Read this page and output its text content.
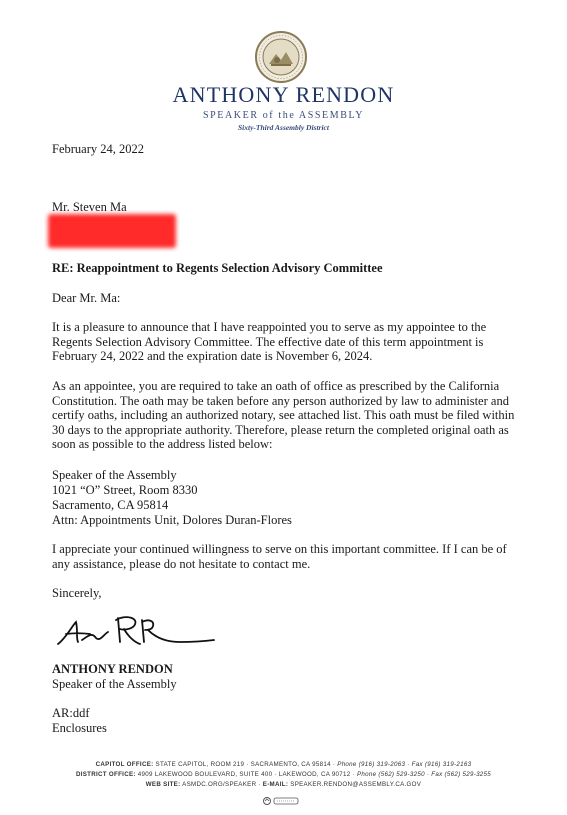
ANTHONY RENDON
SPEAKER of the ASSEMBLY
Sixty-Third Assembly District
February 24, 2022
Mr. Steven Ma
RE: Reappointment to Regents Selection Advisory Committee
Dear Mr. Ma:
It is a pleasure to announce that I have reappointed you to serve as my appointee to the Regents Selection Advisory Committee. The effective date of this term appointment is February 24, 2022 and the expiration date is November 6, 2024.
As an appointee, you are required to take an oath of office as prescribed by the California Constitution. The oath may be taken before any person authorized by law to administer and certify oaths, including an authorized notary, see attached list. This oath must be filed within 30 days to the appropriate authority. Therefore, please return the completed original oath as soon as possible to the address listed below:
Speaker of the Assembly
1021 “O” Street, Room 8330
Sacramento, CA 95814
Attn: Appointments Unit, Dolores Duran-Flores
I appreciate your continued willingness to serve on this important committee. If I can be of any assistance, please do not hesitate to contact me.
Sincerely,
ANTHONY RENDON
Speaker of the Assembly
AR:ddf
Enclosures
CAPITOL OFFICE: STATE CAPITOL, ROOM 219 · SACRAMENTO, CA 95814 · Phone (916) 319-2063 · Fax (916) 319-2163
DISTRICT OFFICE: 4909 LAKEWOOD BOULEVARD, SUITE 400 · LAKEWOOD, CA 90712 · Phone (562) 529-3250 · Fax (562) 529-3255
WEB SITE: ASMDC.ORG/SPEAKER · E-MAIL: SPEAKER.RENDON@ASSEMBLY.CA.GOV
